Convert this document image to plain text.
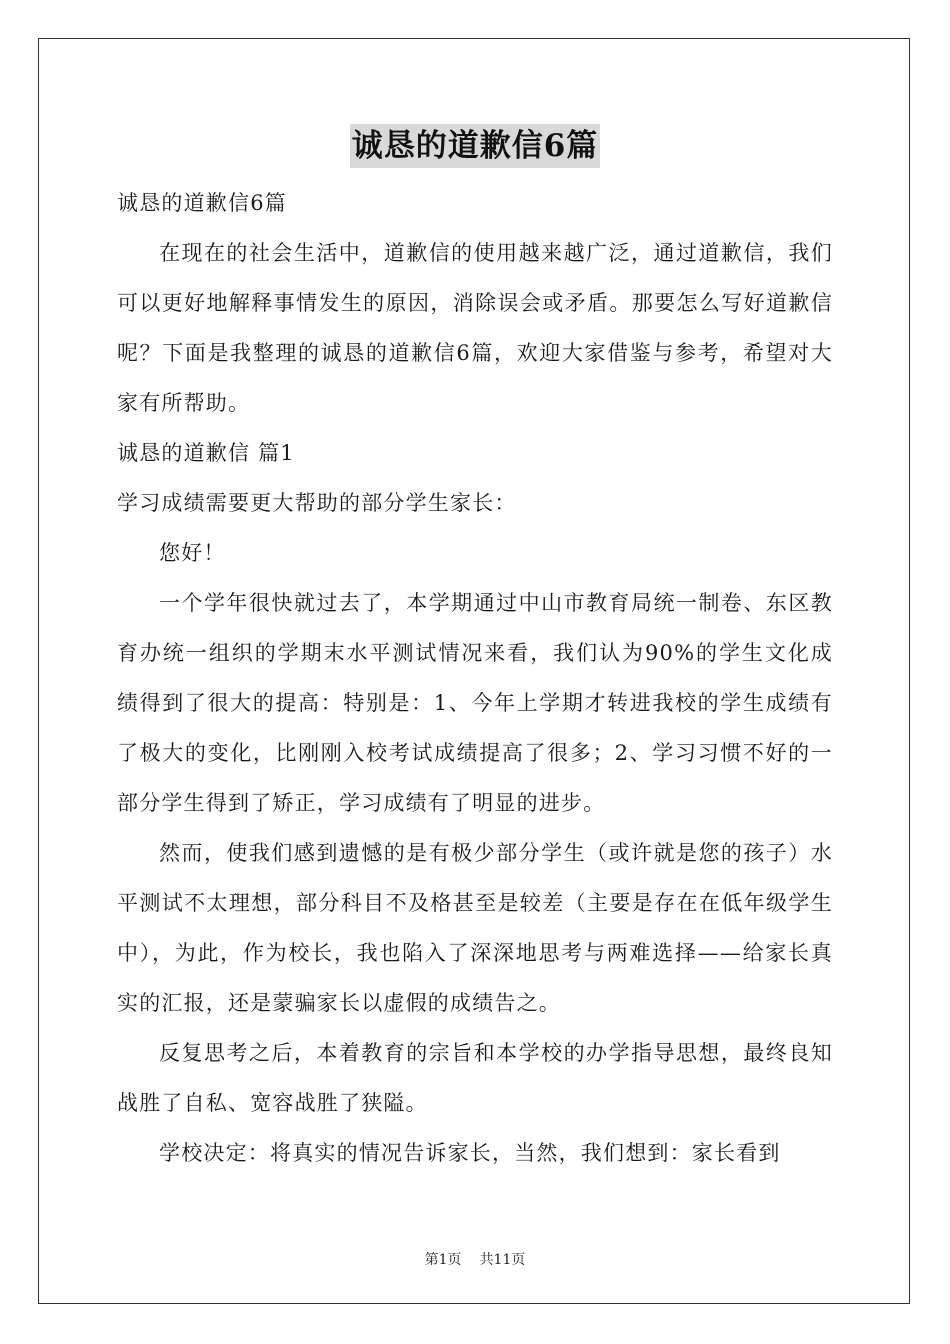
诚恳的道歉信6篇

诚恳的道歉信6篇

在现在的社会生活中，道歉信的使用越来越广泛，通过道歉信，我们可以更好地解释事情发生的原因，消除误会或矛盾。那要怎么写好道歉信呢？下面是我整理的诚恳的道歉信6篇，欢迎大家借鉴与参考，希望对大家有所帮助。

诚恳的道歉信 篇1

学习成绩需要更大帮助的部分学生家长：

您好！

一个学年很快就过去了，本学期通过中山市教育局统一制卷、东区教育办统一组织的学期末水平测试情况来看，我们认为90%的学生文化成绩得到了很大的提高：特别是：1、今年上学期才转进我校的学生成绩有了极大的变化，比刚刚入校考试成绩提高了很多；2、学习习惯不好的一部分学生得到了矫正，学习成绩有了明显的进步。

然而，使我们感到遗憾的是有极少部分学生（或许就是您的孩子）水平测试不太理想，部分科目不及格甚至是较差（主要是存在在低年级学生中），为此，作为校长，我也陷入了深深地思考与两难选择——给家长真实的汇报，还是蒙骗家长以虚假的成绩告之。

反复思考之后，本着教育的宗旨和本学校的办学指导思想，最终良知战胜了自私、宽容战胜了狭隘。

学校决定：将真实的情况告诉家长，当然，我们想到：家长看到

第1页 共11页
